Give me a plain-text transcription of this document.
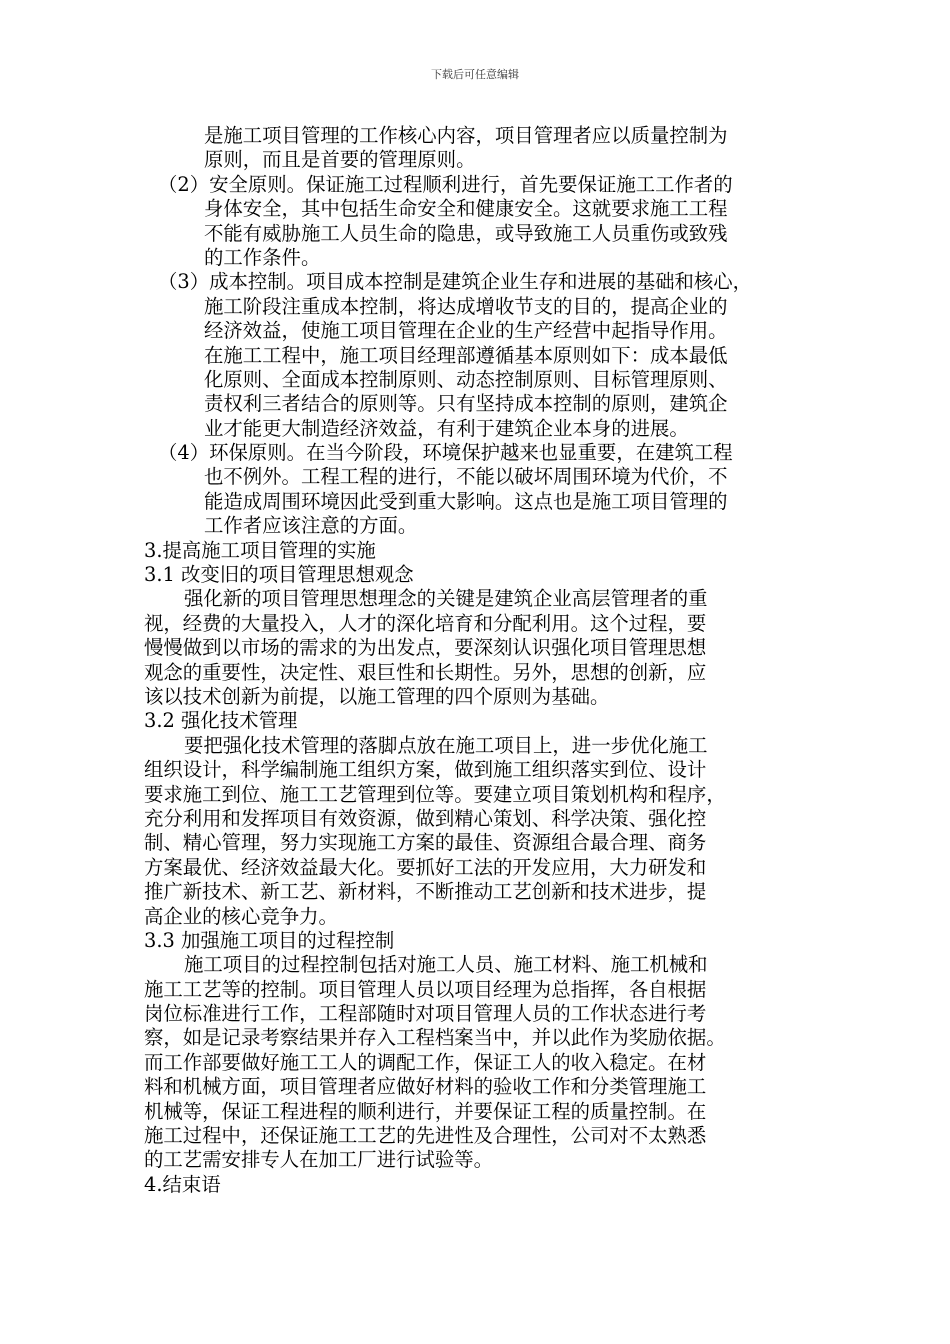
下载后可任意编辑
是施工项目管理的工作核心内容，项目管理者应以质量控制为
原则，而且是首要的管理原则。
（2）安全原则。保证施工过程顺利进行，首先要保证施工工作者的
身体安全，其中包括生命安全和健康安全。这就要求施工工程
不能有威胁施工人员生命的隐患，或导致施工人员重伤或致残
的工作条件。
（3）成本控制。项目成本控制是建筑企业生存和进展的基础和核心，
施工阶段注重成本控制，将达成增收节支的目的，提高企业的
经济效益，使施工项目管理在企业的生产经营中起指导作用。
在施工工程中，施工项目经理部遵循基本原则如下：成本最低
化原则、全面成本控制原则、动态控制原则、目标管理原则、
责权利三者结合的原则等。只有坚持成本控制的原则，建筑企
业才能更大制造经济效益，有利于建筑企业本身的进展。
（4）环保原则。在当今阶段，环境保护越来也显重要，在建筑工程
也不例外。工程工程的进行，不能以破坏周围环境为代价，不
能造成周围环境因此受到重大影响。这点也是施工项目管理的
工作者应该注意的方面。
3.提高施工项目管理的实施
3.1 改变旧的项目管理思想观念
强化新的项目管理思想理念的关键是建筑企业高层管理者的重
视，经费的大量投入，人才的深化培育和分配利用。这个过程，要
慢慢做到以市场的需求的为出发点，要深刻认识强化项目管理思想
观念的重要性，决定性、艰巨性和长期性。另外，思想的创新，应
该以技术创新为前提，以施工管理的四个原则为基础。
3.2 强化技术管理
要把强化技术管理的落脚点放在施工项目上，进一步优化施工
组织设计，科学编制施工组织方案，做到施工组织落实到位、设计
要求施工到位、施工工艺管理到位等。要建立项目策划机构和程序，
充分利用和发挥项目有效资源，做到精心策划、科学决策、强化控
制、精心管理，努力实现施工方案的最佳、资源组合最合理、商务
方案最优、经济效益最大化。要抓好工法的开发应用，大力研发和
推广新技术、新工艺、新材料，不断推动工艺创新和技术进步，提
高企业的核心竞争力。
3.3 加强施工项目的过程控制
施工项目的过程控制包括对施工人员、施工材料、施工机械和
施工工艺等的控制。项目管理人员以项目经理为总指挥，各自根据
岗位标准进行工作，工程部随时对项目管理人员的工作状态进行考
察，如是记录考察结果并存入工程档案当中，并以此作为奖励依据。
而工作部要做好施工工人的调配工作，保证工人的收入稳定。在材
料和机械方面，项目管理者应做好材料的验收工作和分类管理施工
机械等，保证工程进程的顺利进行，并要保证工程的质量控制。在
施工过程中，还保证施工工艺的先进性及合理性，公司对不太熟悉
的工艺需安排专人在加工厂进行试验等。
4.结束语
